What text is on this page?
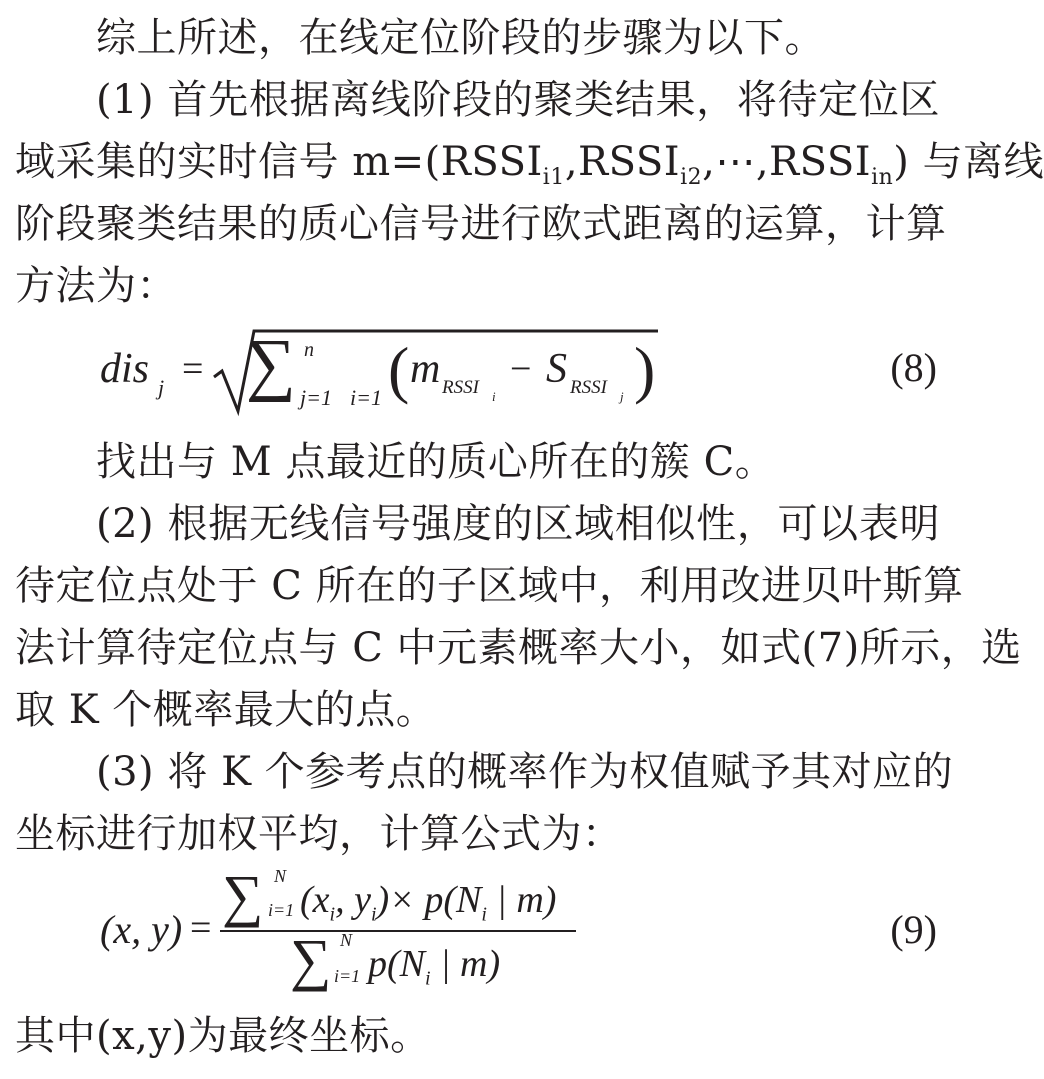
综上所述，在线定位阶段的步骤为以下。
(1) 首先根据离线阶段的聚类结果，将待定位区
域采集的实时信号 $m=(RSSI_{i1},RSSI_{i2},\cdots,RSSI_{in})$ 与离线
阶段聚类结果的质心信号进行欧式距离的运算，计算
方法为：
dis j = ∑ n
j=1 i=1 ( m RSSI i
− S RSSI j )	(8)
找出与 M 点最近的质心所在的簇 C。
(2) 根据无线信号强度的区域相似性，可以表明
待定位点处于 C 所在的子区域中，利用改进贝叶斯算
法计算待定位点与 C 中元素概率大小，如式(7)所示，选
取 K 个概率最大的点。
(3) 将 K 个参考点的概率作为权值赋予其对应的
坐标进行加权平均，计算公式为：
(x, y) = ∑ N
i=1 ($x_i$, $y_i)\times p(N_i$ | m)
∑ N
i=1 $p(N_i$ | m)
(9)
其中(x,y)为最终坐标。
